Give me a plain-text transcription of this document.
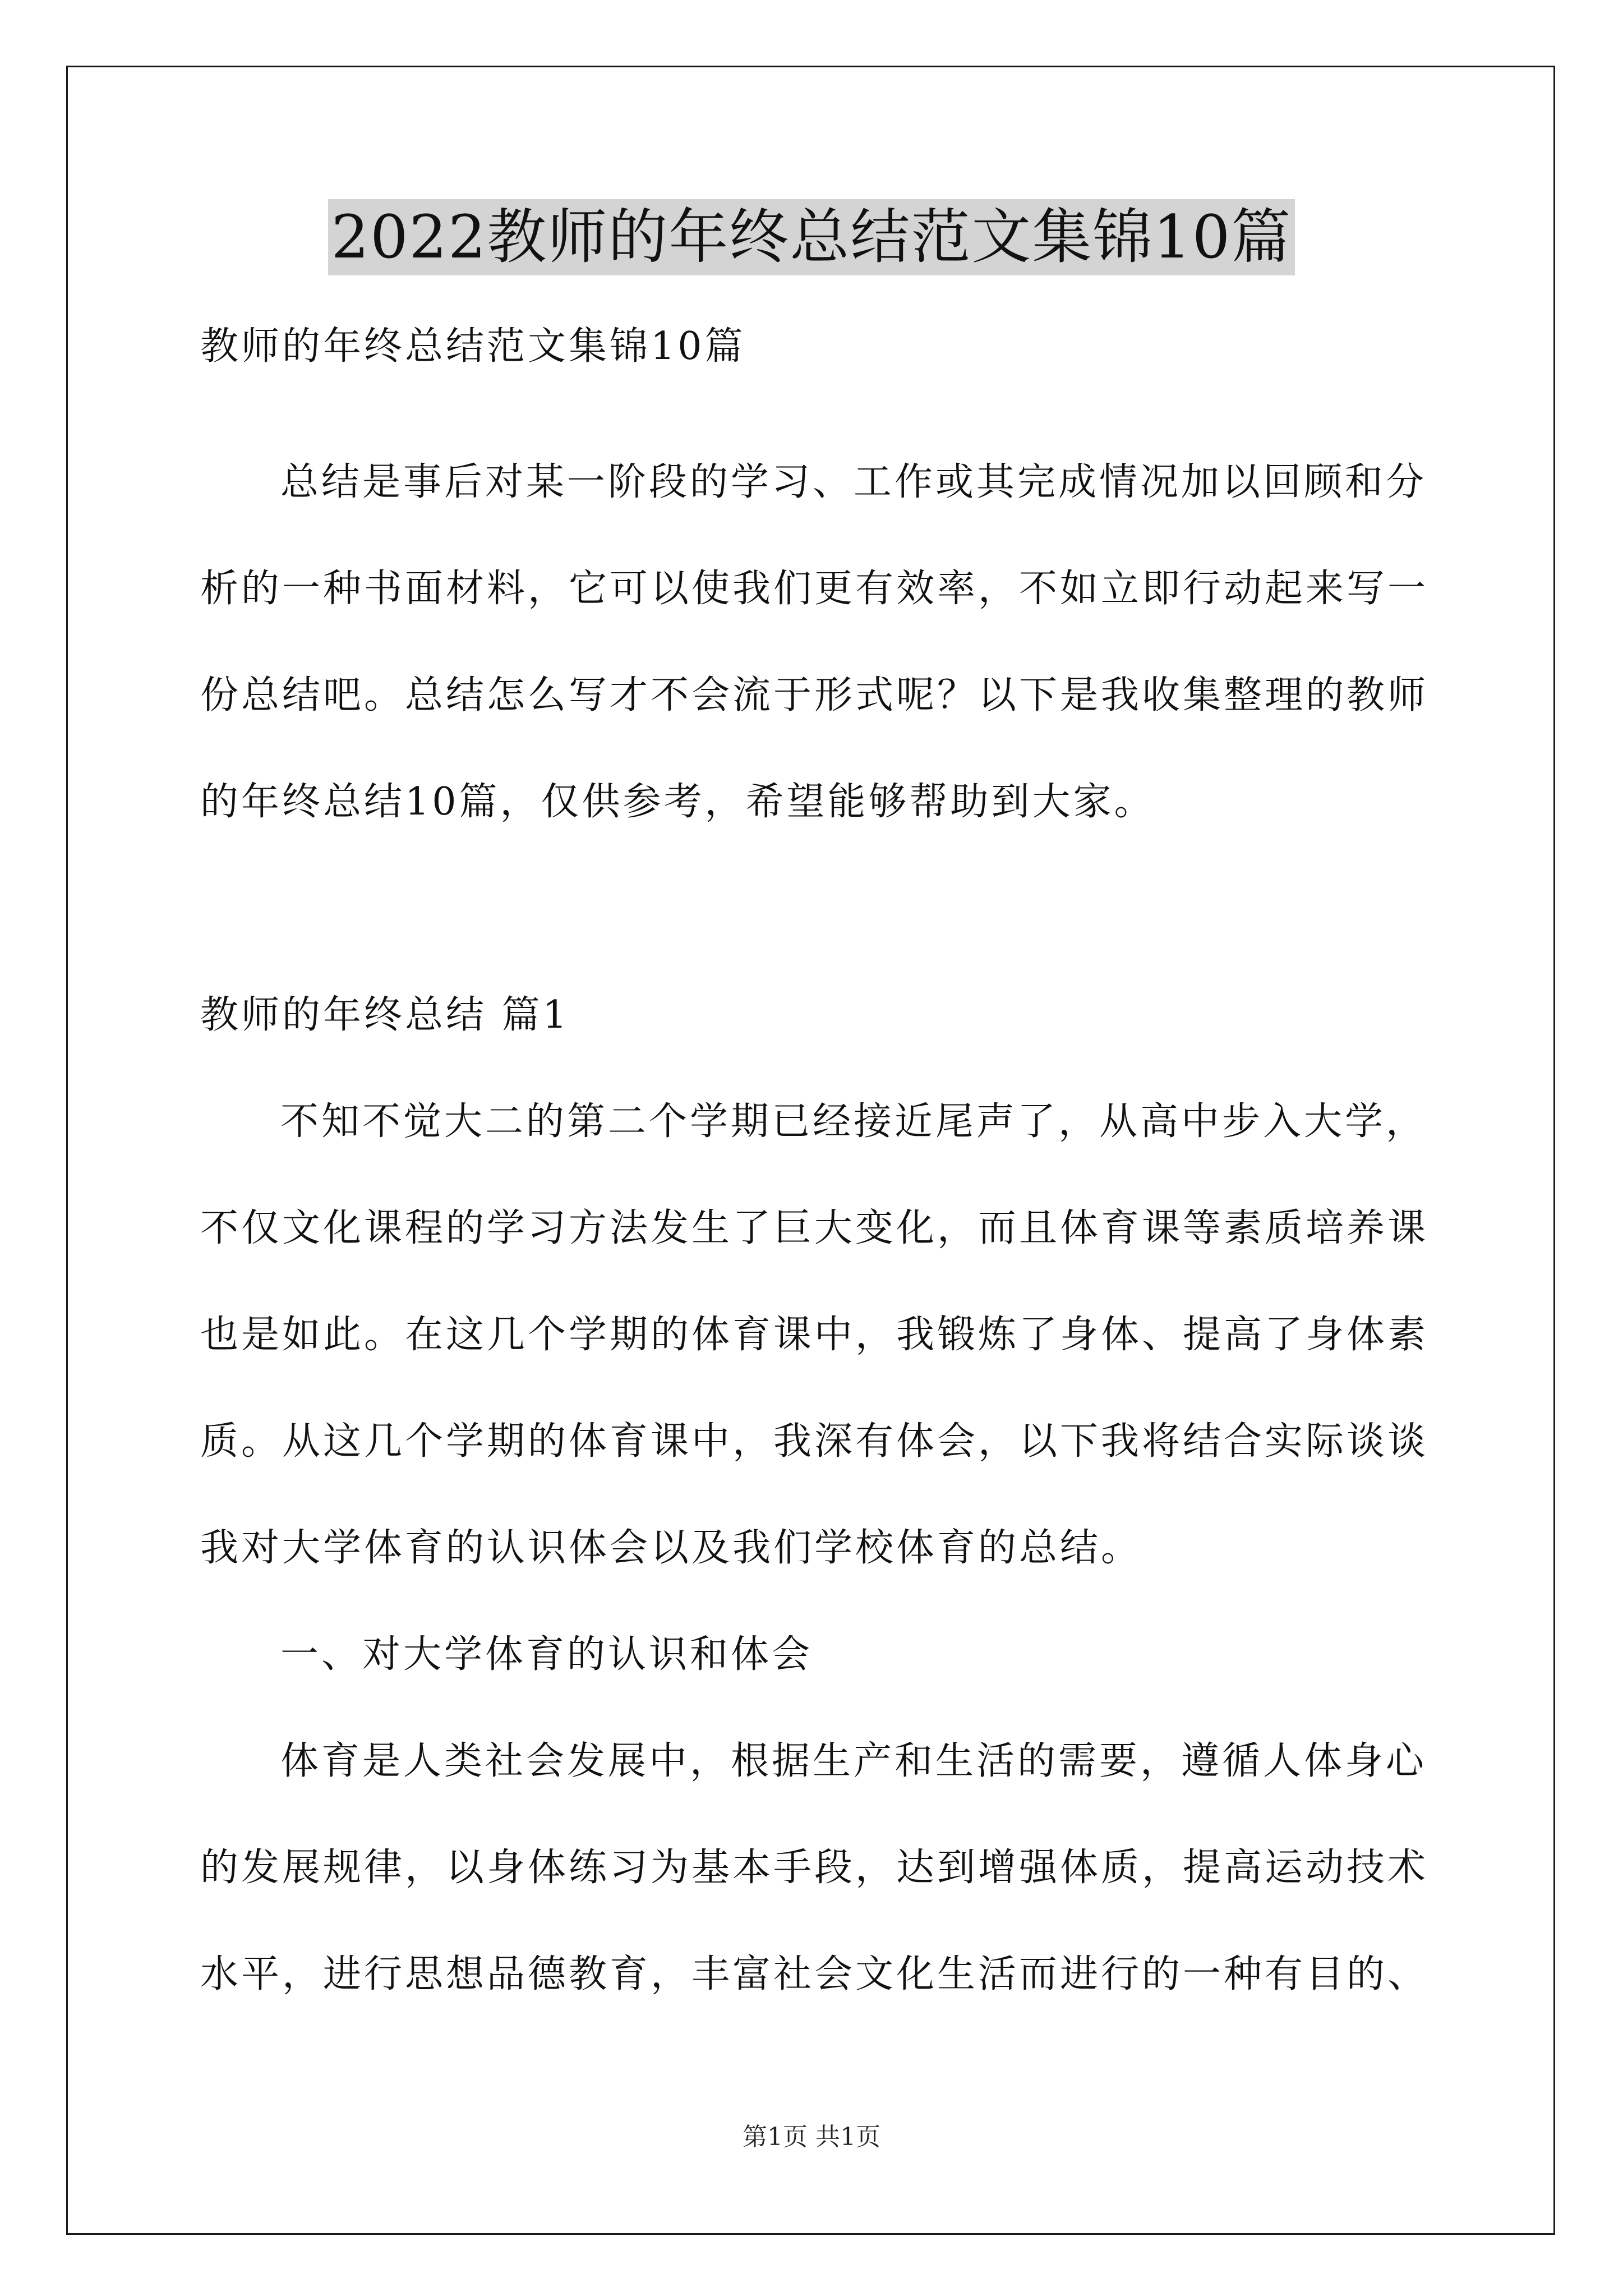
2022教师的年终总结范文集锦10篇
教师的年终总结范文集锦10篇
总结是事后对某一阶段的学习、工作或其完成情况加以回顾和分
析的一种书面材料，它可以使我们更有效率，不如立即行动起来写一
份总结吧。总结怎么写才不会流于形式呢？以下是我收集整理的教师
的年终总结10篇，仅供参考，希望能够帮助到大家。
教师的年终总结 篇1
不知不觉大二的第二个学期已经接近尾声了，从高中步入大学，
不仅文化课程的学习方法发生了巨大变化，而且体育课等素质培养课
也是如此。在这几个学期的体育课中，我锻炼了身体、提高了身体素
质。从这几个学期的体育课中，我深有体会，以下我将结合实际谈谈
我对大学体育的认识体会以及我们学校体育的总结。
一、对大学体育的认识和体会
体育是人类社会发展中，根据生产和生活的需要，遵循人体身心
的发展规律，以身体练习为基本手段，达到增强体质，提高运动技术
水平，进行思想品德教育，丰富社会文化生活而进行的一种有目的、
第1页 共1页
